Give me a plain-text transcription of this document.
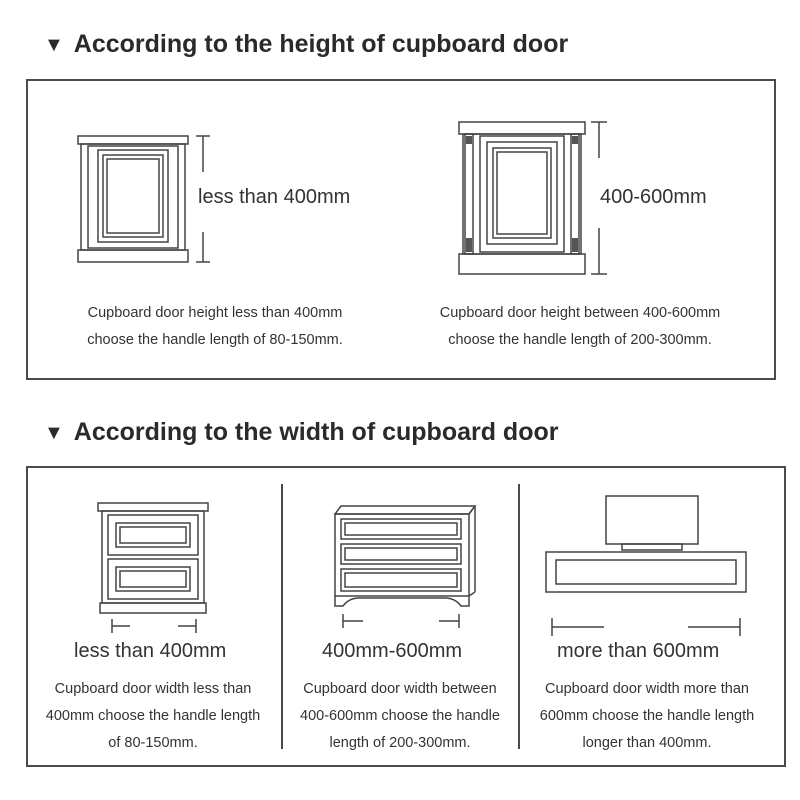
▼ According to the height of cupboard door
less than 400mm
Cupboard door height less than 400mm
choose the handle length of 80-150mm.
400-600mm
Cupboard door height between 400-600mm
choose the handle length of 200-300mm.
▼ According to the width of cupboard door
less than 400mm
Cupboard door width less than
400mm choose the handle length
of 80-150mm.
400mm-600mm
Cupboard door width between
400-600mm choose the handle
length of 200-300mm.
more than 600mm
Cupboard door width more than
600mm choose the handle length
longer than 400mm.
